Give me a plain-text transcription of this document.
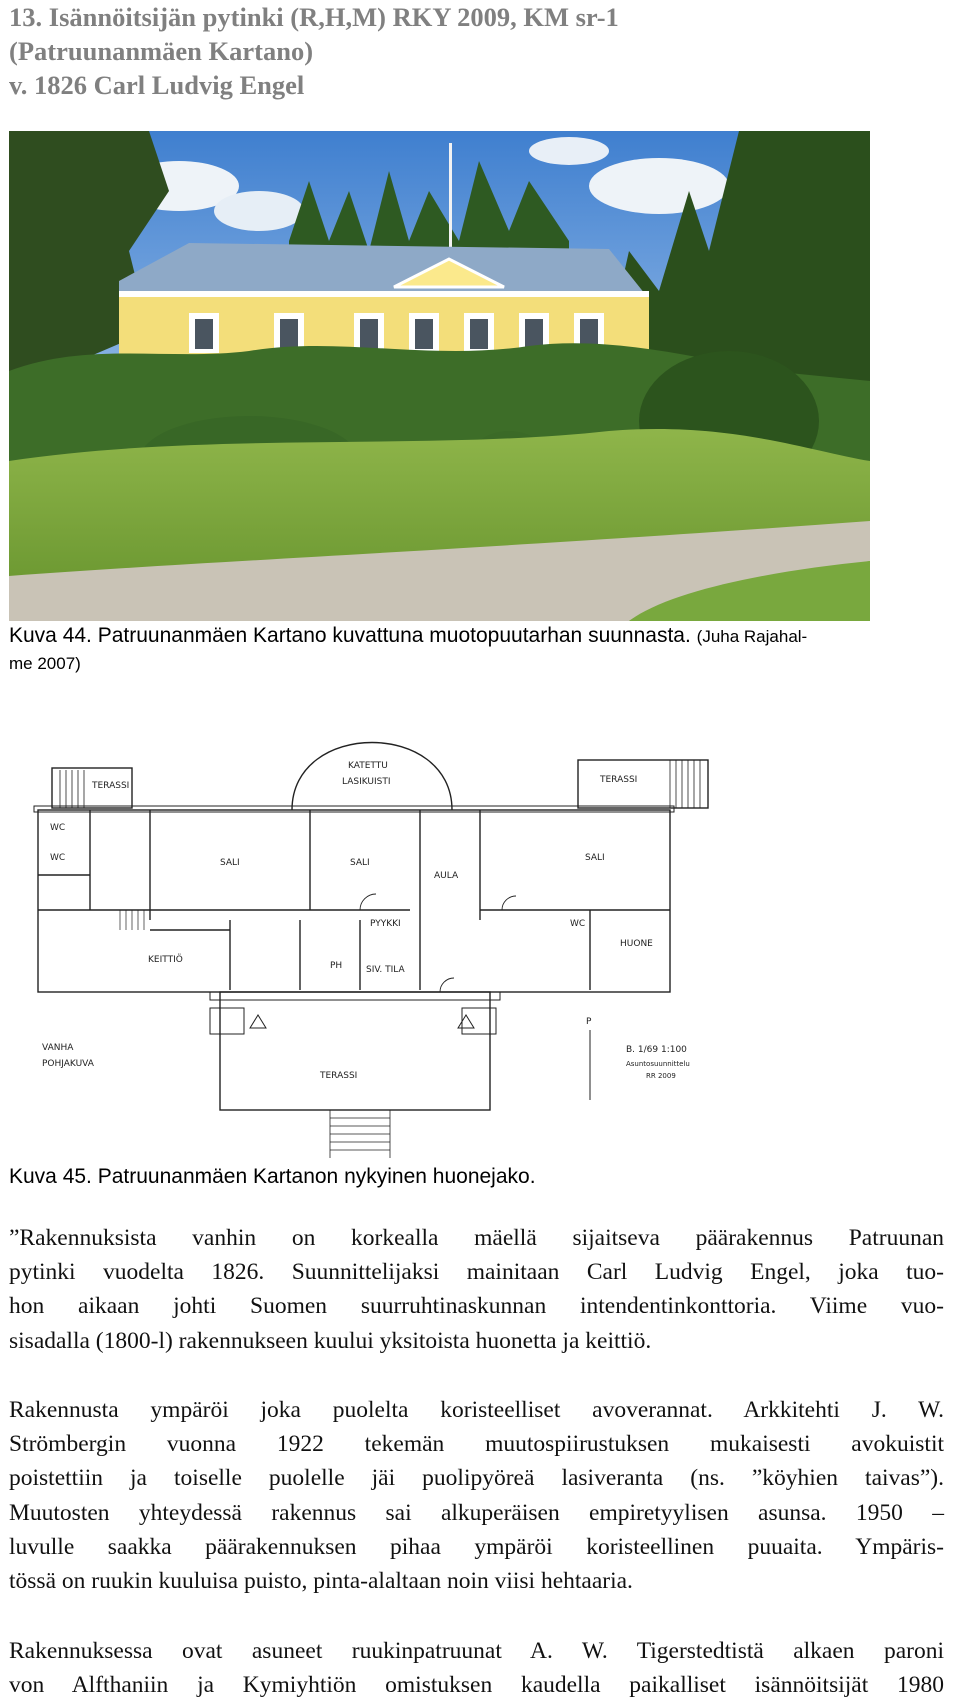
13. Isännöitsijän pytinki (R,H,M) RKY 2009, KM sr-1
(Patruunanmäen Kartano)
v. 1826 Carl Ludvig Engel
Kuva 44. Patruunanmäen Kartano kuvattuna muotopuutarhan suunnasta. (Juha Rajahal-
me 2007)
TERASSI
TERASSI
KATETTU
LASIKUISTI
SALI	SALI	SALI
AULA
WC
WC
WC
KEITTIÖ
PYYKKI
SIV. TILA
HUONE
PH
TERASSI
VANHA
POHJAKUVA
P
B. 1/69 1:100
Asuntosuunnittelu
RR 2009
Kuva 45. Patruunanmäen Kartanon nykyinen huonejako.
”Rakennuksista vanhin on korkealla mäellä sijaitseva päärakennus Patruunan
pytinki vuodelta 1826. Suunnittelijaksi mainitaan Carl Ludvig Engel, joka tuo-
hon aikaan johti Suomen suurruhtinaskunnan intendentinkonttoria. Viime vuo-
sisadalla (1800-l) rakennukseen kuului yksitoista huonetta ja keittiö.
Rakennusta ympäröi joka puolelta koristeelliset avoverannat. Arkkitehti J. W.
Strömbergin vuonna 1922 tekemän muutospiirustuksen mukaisesti avokuistit
poistettiin ja toiselle puolelle jäi puolipyöreä lasiveranta (ns. ”köyhien taivas”).
Muutosten yhteydessä rakennus sai alkuperäisen empiretyylisen asunsa. 1950 –
luvulle saakka päärakennuksen pihaa ympäröi koristeellinen puuaita. Ympäris-
tössä on ruukin kuuluisa puisto, pinta-alaltaan noin viisi hehtaaria.
Rakennuksessa ovat asuneet ruukinpatruunat A. W. Tigerstedtistä alkaen paroni
von Alfthaniin ja Kymiyhtiön omistuksen kaudella paikalliset isännöitsijät 1980
